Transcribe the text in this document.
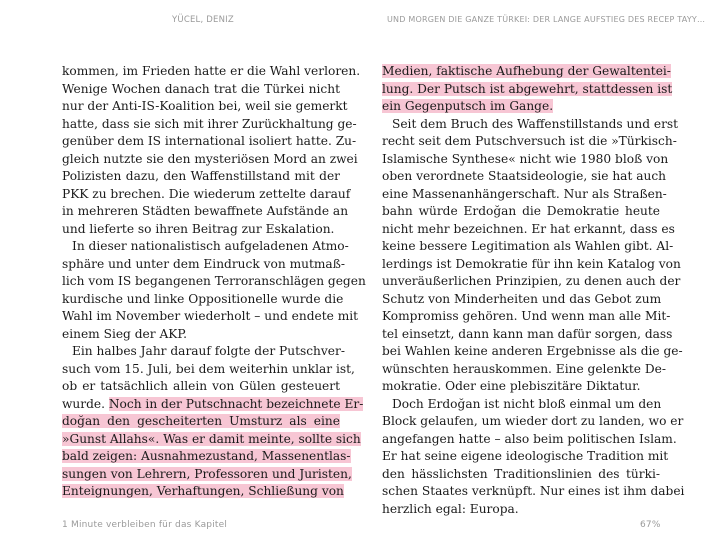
YÜCEL, DENIZ	UND MORGEN DIE GANZE TÜRKEI: DER LANGE AUFSTIEG DES RECEP TAYY…
kommen, im Frieden hatte er die Wahl verloren.
Wenige Wochen danach trat die Türkei nicht
nur der Anti-IS-Koalition bei, weil sie gemerkt
hatte, dass sie sich mit ihrer Zurückhaltung ge-
genüber dem IS international isoliert hatte. Zu-
gleich nutzte sie den mysteriösen Mord an zwei
Polizisten dazu, den Waffenstillstand mit der
PKK zu brechen. Die wiederum zettelte darauf
in mehreren Städten bewaffnete Aufstände an
und lieferte so ihren Beitrag zur Eskalation.
In dieser nationalistisch aufgeladenen Atmo-
sphäre und unter dem Eindruck von mutmaß-
lich vom IS begangenen Terroranschlägen gegen
kurdische und linke Oppositionelle wurde die
Wahl im November wiederholt – und endete mit
einem Sieg der AKP.
Ein halbes Jahr darauf folgte der Putschver-
such vom 15. Juli, bei dem weiterhin unklar ist,
ob er tatsächlich allein von Gülen gesteuert
wurde. Noch in der Putschnacht bezeichnete Er-
doğan den gescheiterten Umsturz als eine
»Gunst Allahs«. Was er damit meinte, sollte sich
bald zeigen: Ausnahmezustand, Massenentlas-
sungen von Lehrern, Professoren und Juristen,
Enteignungen, Verhaftungen, Schließung von
Medien, faktische Aufhebung der Gewaltentei-
lung. Der Putsch ist abgewehrt, stattdessen ist
ein Gegenputsch im Gange.
Seit dem Bruch des Waffenstillstands und erst
recht seit dem Putschversuch ist die »Türkisch-
Islamische Synthese« nicht wie 1980 bloß von
oben verordnete Staatsideologie, sie hat auch
eine Massenanhängerschaft. Nur als Straßen-
bahn würde Erdoğan die Demokratie heute
nicht mehr bezeichnen. Er hat erkannt, dass es
keine bessere Legitimation als Wahlen gibt. Al-
lerdings ist Demokratie für ihn kein Katalog von
unveräußerlichen Prinzipien, zu denen auch der
Schutz von Minderheiten und das Gebot zum
Kompromiss gehören. Und wenn man alle Mit-
tel einsetzt, dann kann man dafür sorgen, dass
bei Wahlen keine anderen Ergebnisse als die ge-
wünschten herauskommen. Eine gelenkte De-
mokratie. Oder eine plebiszitäre Diktatur.
Doch Erdoğan ist nicht bloß einmal um den
Block gelaufen, um wieder dort zu landen, wo er
angefangen hatte – also beim politischen Islam.
Er hat seine eigene ideologische Tradition mit
den hässlichsten Traditionslinien des türki-
schen Staates verknüpft. Nur eines ist ihm dabei
herzlich egal: Europa.
1 Minute verbleiben für das Kapitel	67%
